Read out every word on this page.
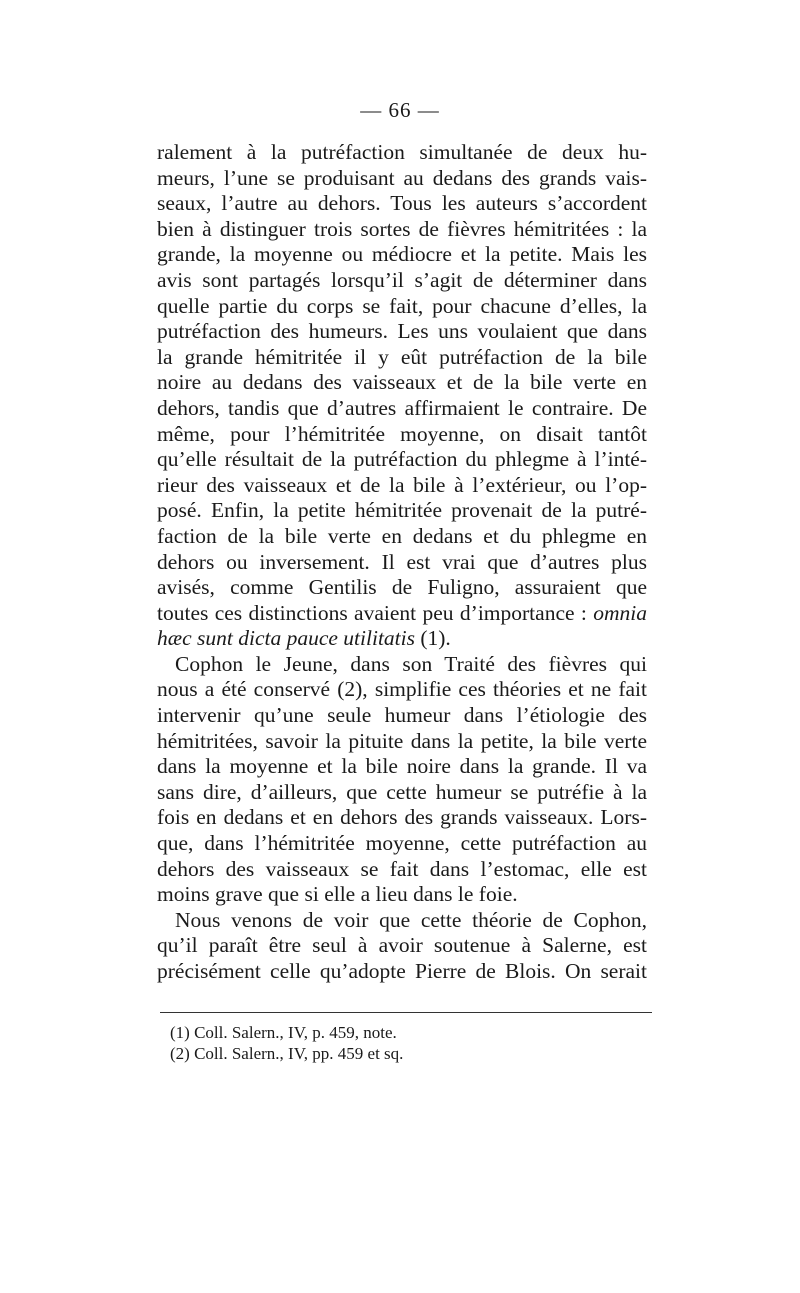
— 66 —
ralement à la putréfaction simultanée de deux hu-
meurs, l’une se produisant au dedans des grands vais-
seaux, l’autre au dehors. Tous les auteurs s’accordent
bien à distinguer trois sortes de fièvres hémitritées : la
grande, la moyenne ou médiocre et la petite. Mais les
avis sont partagés lorsqu’il s’agit de déterminer dans
quelle partie du corps se fait, pour chacune d’elles, la
putréfaction des humeurs. Les uns voulaient que dans
la grande hémitritée il y eût putréfaction de la bile
noire au dedans des vaisseaux et de la bile verte en
dehors, tandis que d’autres affirmaient le contraire. De
même, pour l’hémitritée moyenne, on disait tantôt
qu’elle résultait de la putréfaction du phlegme à l’inté-
rieur des vaisseaux et de la bile à l’extérieur, ou l’op-
posé. Enfin, la petite hémitritée provenait de la putré-
faction de la bile verte en dedans et du phlegme en
dehors ou inversement. Il est vrai que d’autres plus
avisés, comme Gentilis de Fuligno, assuraient que
toutes ces distinctions avaient peu d’importance : omnia
hæc sunt dicta pauce utilitatis (1).
Cophon le Jeune, dans son Traité des fièvres qui
nous a été conservé (2), simplifie ces théories et ne fait
intervenir qu’une seule humeur dans l’étiologie des
hémitritées, savoir la pituite dans la petite, la bile verte
dans la moyenne et la bile noire dans la grande. Il va
sans dire, d’ailleurs, que cette humeur se putréfie à la
fois en dedans et en dehors des grands vaisseaux. Lors-
que, dans l’hémitritée moyenne, cette putréfaction au
dehors des vaisseaux se fait dans l’estomac, elle est
moins grave que si elle a lieu dans le foie.
Nous venons de voir que cette théorie de Cophon,
qu’il paraît être seul à avoir soutenue à Salerne, est
précisément celle qu’adopte Pierre de Blois. On serait
(1) Coll. Salern., IV, p. 459, note.
(2) Coll. Salern., IV, pp. 459 et sq.
